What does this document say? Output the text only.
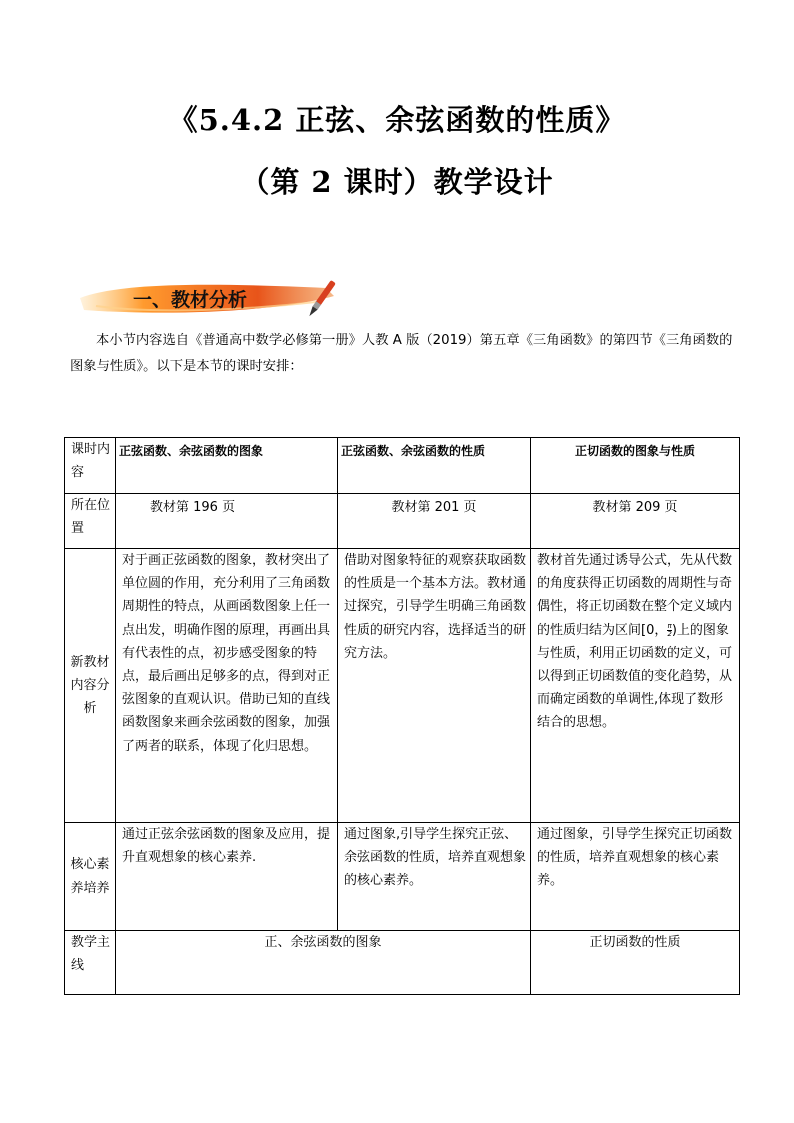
《5.4.2 正弦、余弦函数的性质》
（第 2 课时）教学设计
一、教材分析
本小节内容选自《普通高中数学必修第一册》人教 A 版（2019）第五章《三角函数》的第四节《三角函数的图象与性质》。以下是本节的课时安排：
课时内容	正弦函数、余弦函数的图象	正弦函数、余弦函数的性质	正切函数的图象与性质
所在位置	教材第 196 页	教材第 201 页	教材第 209 页
新教材内容分析	对于画正弦函数的图象，教材突出了单位圆的作用，充分利用了三角函数周期性的特点，从画函数图象上任一点出发，明确作图的原理，再画出具有代表性的点，初步感受图象的特点，最后画出足够多的点，得到对正弦图象的直观认识。借助已知的直线函数图象来画余弦函数的图象，加强了两者的联系，体现了化归思想。	借助对图象特征的观察获取函数的性质是一个基本方法。教材通过探究，引导学生明确三角函数性质的研究内容，选择适当的研究方法。	教材首先通过诱导公式，先从代数的角度获得正切函数的周期性与奇偶性，将正切函数在整个定义域内的性质归结为区间[0， $\frac{\pi}{2}$ )上的图象与性质，利用正切函数的定义，可以得到正切函数值的变化趋势，从而确定函数的单调性,体现了数形结合的思想。
核心素养培养	通过正弦余弦函数的图象及应用，提升直观想象的核心素养.	通过图象,引导学生探究正弦、余弦函数的性质，培养直观想象的核心素养。	通过图象，引导学生探究正切函数的性质，培养直观想象的核心素养。
教学主线	正、余弦函数的图象		正切函数的性质
